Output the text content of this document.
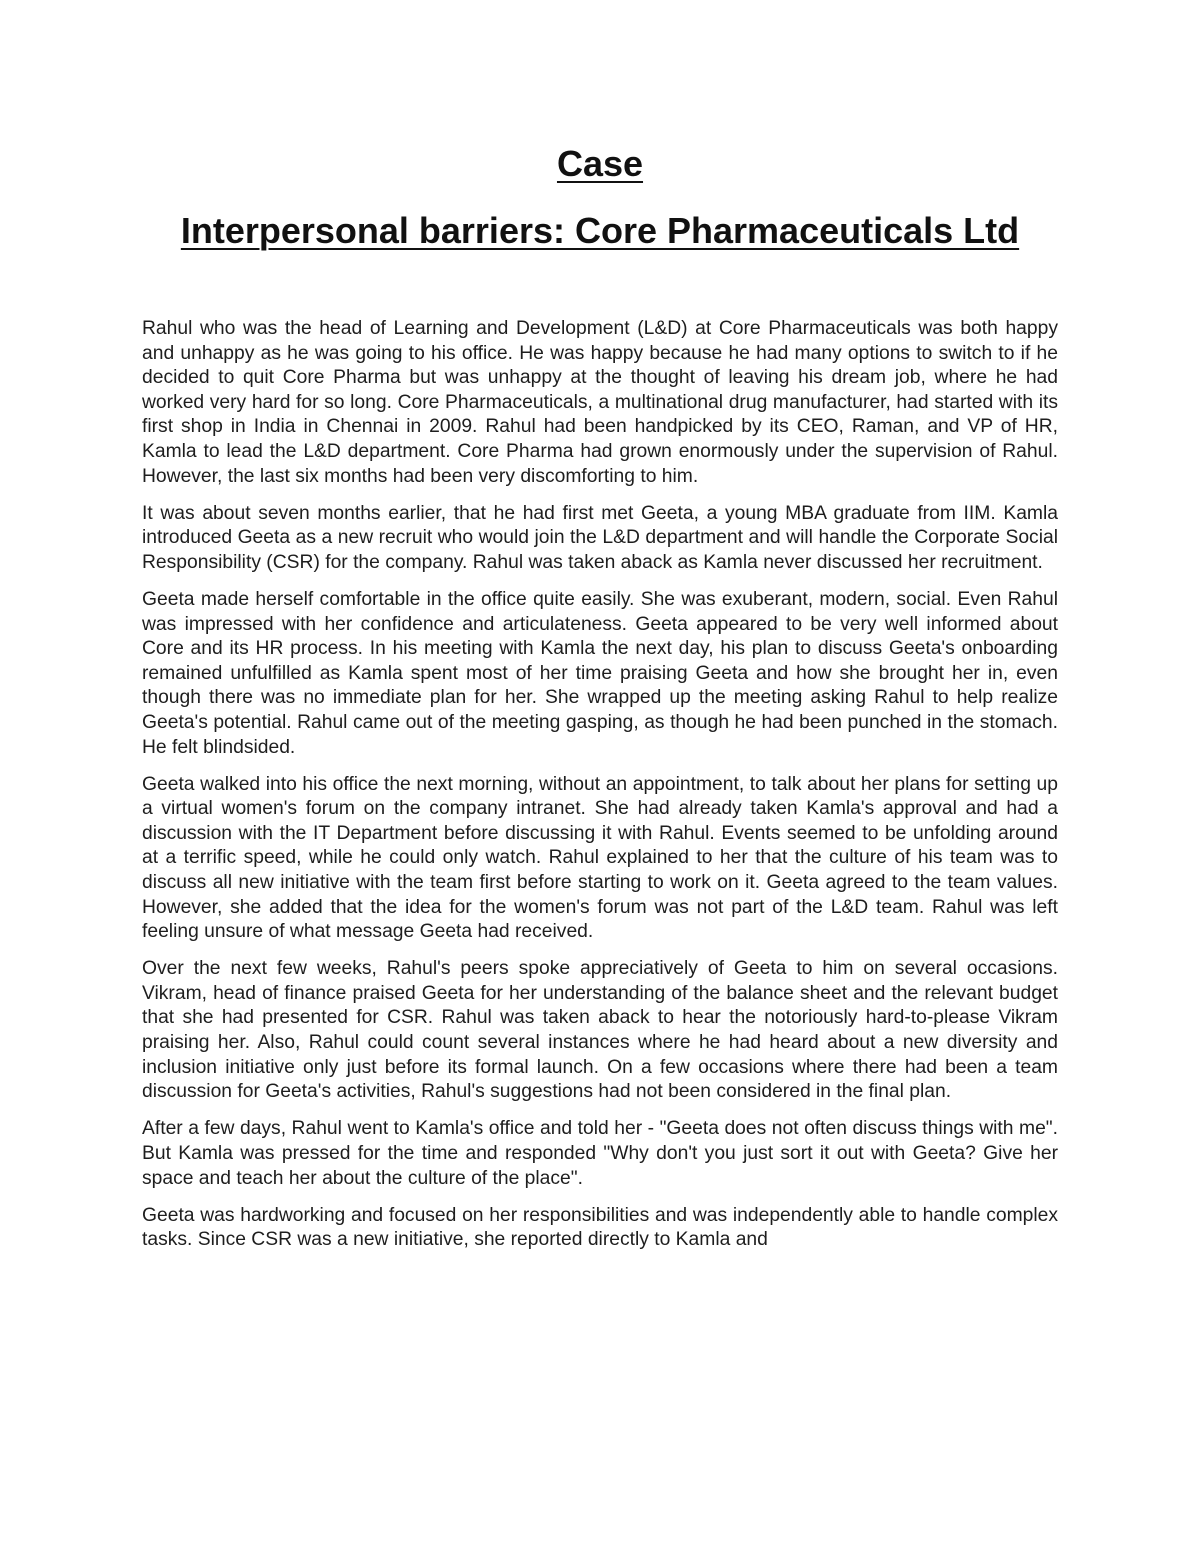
Case
Interpersonal barriers: Core Pharmaceuticals Ltd

Rahul who was the head of Learning and Development (L&D) at Core Pharmaceuticals was both happy and unhappy as he was going to his office. He was happy because he had many options to switch to if he decided to quit Core Pharma but was unhappy at the thought of leaving his dream job, where he had worked very hard for so long. Core Pharmaceuticals, a multinational drug manufacturer, had started with its first shop in India in Chennai in 2009. Rahul had been handpicked by its CEO, Raman, and VP of HR, Kamla to lead the L&D department. Core Pharma had grown enormously under the supervision of Rahul. However, the last six months had been very discomforting to him.

It was about seven months earlier, that he had first met Geeta, a young MBA graduate from IIM. Kamla introduced Geeta as a new recruit who would join the L&D department and will handle the Corporate Social Responsibility (CSR) for the company. Rahul was taken aback as Kamla never discussed her recruitment.

Geeta made herself comfortable in the office quite easily. She was exuberant, modern, social. Even Rahul was impressed with her confidence and articulateness. Geeta appeared to be very well informed about Core and its HR process. In his meeting with Kamla the next day, his plan to discuss Geeta's onboarding remained unfulfilled as Kamla spent most of her time praising Geeta and how she brought her in, even though there was no immediate plan for her. She wrapped up the meeting asking Rahul to help realize Geeta's potential. Rahul came out of the meeting gasping, as though he had been punched in the stomach. He felt blindsided.

Geeta walked into his office the next morning, without an appointment, to talk about her plans for setting up a virtual women's forum on the company intranet. She had already taken Kamla's approval and had a discussion with the IT Department before discussing it with Rahul. Events seemed to be unfolding around at a terrific speed, while he could only watch. Rahul explained to her that the culture of his team was to discuss all new initiative with the team first before starting to work on it. Geeta agreed to the team values. However, she added that the idea for the women's forum was not part of the L&D team. Rahul was left feeling unsure of what message Geeta had received.

Over the next few weeks, Rahul's peers spoke appreciatively of Geeta to him on several occasions. Vikram, head of finance praised Geeta for her understanding of the balance sheet and the relevant budget that she had presented for CSR. Rahul was taken aback to hear the notoriously hard-to-please Vikram praising her. Also, Rahul could count several instances where he had heard about a new diversity and inclusion initiative only just before its formal launch. On a few occasions where there had been a team discussion for Geeta's activities, Rahul's suggestions had not been considered in the final plan.

After a few days, Rahul went to Kamla's office and told her - "Geeta does not often discuss things with me". But Kamla was pressed for the time and responded "Why don't you just sort it out with Geeta? Give her space and teach her about the culture of the place".

Geeta was hardworking and focused on her responsibilities and was independently able to handle complex tasks. Since CSR was a new initiative, she reported directly to Kamla and
